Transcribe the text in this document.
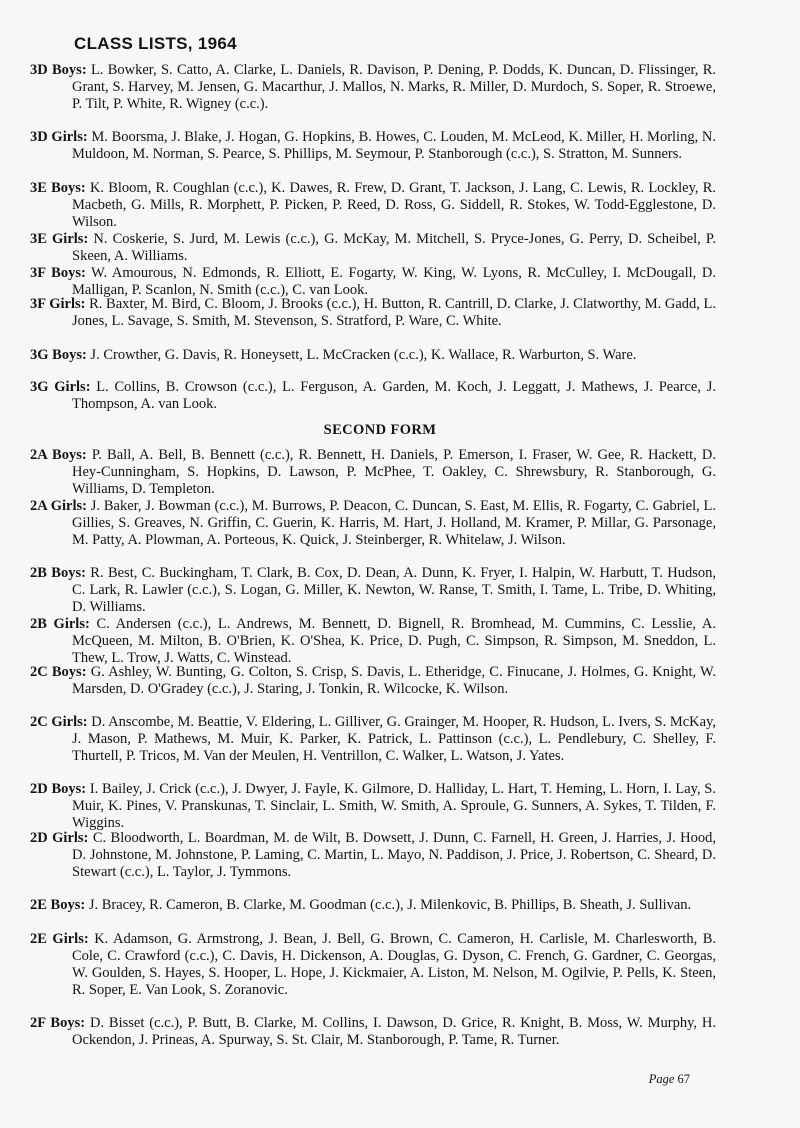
CLASS LISTS, 1964
3D Boys: L. Bowker, S. Catto, A. Clarke, L. Daniels, R. Davison, P. Dening, P. Dodds, K. Duncan, D. Flissinger, R. Grant, S. Harvey, M. Jensen, G. Macarthur, J. Mallos, N. Marks, R. Miller, D. Murdoch, S. Soper, R. Stroewe, P. Tilt, P. White, R. Wigney (c.c.).
3D Girls: M. Boorsma, J. Blake, J. Hogan, G. Hopkins, B. Howes, C. Louden, M. McLeod, K. Miller, H. Morling, N. Muldoon, M. Norman, S. Pearce, S. Phillips, M. Seymour, P. Stanborough (c.c.), S. Stratton, M. Sunners.
3E Boys: K. Bloom, R. Coughlan (c.c.), K. Dawes, R. Frew, D. Grant, T. Jackson, J. Lang, C. Lewis, R. Lockley, R. Macbeth, G. Mills, R. Morphett, P. Picken, P. Reed, D. Ross, G. Siddell, R. Stokes, W. Todd-Egglestone, D. Wilson.
3E Girls: N. Coskerie, S. Jurd, M. Lewis (c.c.), G. McKay, M. Mitchell, S. Pryce-Jones, G. Perry, D. Scheibel, P. Skeen, A. Williams.
3F Boys: W. Amourous, N. Edmonds, R. Elliott, E. Fogarty, W. King, W. Lyons, R. McCulley, I. McDougall, D. Malligan, P. Scanlon, N. Smith (c.c.), C. van Look.
3F Girls: R. Baxter, M. Bird, C. Bloom, J. Brooks (c.c.), H. Button, R. Cantrill, D. Clarke, J. Clatworthy, M. Gadd, L. Jones, L. Savage, S. Smith, M. Stevenson, S. Stratford, P. Ware, C. White.
3G Boys: J. Crowther, G. Davis, R. Honeysett, L. McCracken (c.c.), K. Wallace, R. Warburton, S. Ware.
3G Girls: L. Collins, B. Crowson (c.c.), L. Ferguson, A. Garden, M. Koch, J. Leggatt, J. Mathews, J. Pearce, J. Thompson, A. van Look.
SECOND FORM
2A Boys: P. Ball, A. Bell, B. Bennett (c.c.), R. Bennett, H. Daniels, P. Emerson, I. Fraser, W. Gee, R. Hackett, D. Hey-Cunningham, S. Hopkins, D. Lawson, P. McPhee, T. Oakley, C. Shrewsbury, R. Stanborough, G. Williams, D. Templeton.
2A Girls: J. Baker, J. Bowman (c.c.), M. Burrows, P. Deacon, C. Duncan, S. East, M. Ellis, R. Fogarty, C. Gabriel, L. Gillies, S. Greaves, N. Griffin, C. Guerin, K. Harris, M. Hart, J. Holland, M. Kramer, P. Millar, G. Parsonage, M. Patty, A. Plowman, A. Porteous, K. Quick, J. Steinberger, R. Whitelaw, J. Wilson.
2B Boys: R. Best, C. Buckingham, T. Clark, B. Cox, D. Dean, A. Dunn, K. Fryer, I. Halpin, W. Harbutt, T. Hudson, C. Lark, R. Lawler (c.c.), S. Logan, G. Miller, K. Newton, W. Ranse, T. Smith, I. Tame, L. Tribe, D. Whiting, D. Williams.
2B Girls: C. Andersen (c.c.), L. Andrews, M. Bennett, D. Bignell, R. Bromhead, M. Cummins, C. Lesslie, A. McQueen, M. Milton, B. O'Brien, K. O'Shea, K. Price, D. Pugh, C. Simpson, R. Simpson, M. Sneddon, L. Thew, L. Trow, J. Watts, C. Winstead.
2C Boys: G. Ashley, W. Bunting, G. Colton, S. Crisp, S. Davis, L. Etheridge, C. Finucane, J. Holmes, G. Knight, W. Marsden, D. O'Gradey (c.c.), J. Staring, J. Tonkin, R. Wilcocke, K. Wilson.
2C Girls: D. Anscombe, M. Beattie, V. Eldering, L. Gilliver, G. Grainger, M. Hooper, R. Hudson, L. Ivers, S. McKay, J. Mason, P. Mathews, M. Muir, K. Parker, K. Patrick, L. Pattinson (c.c.), L. Pendlebury, C. Shelley, F. Thurtell, P. Tricos, M. Van der Meulen, H. Ventrillon, C. Walker, L. Watson, J. Yates.
2D Boys: I. Bailey, J. Crick (c.c.), J. Dwyer, J. Fayle, K. Gilmore, D. Halliday, L. Hart, T. Heming, L. Horn, I. Lay, S. Muir, K. Pines, V. Pranskunas, T. Sinclair, L. Smith, W. Smith, A. Sproule, G. Sunners, A. Sykes, T. Tilden, F. Wiggins.
2D Girls: C. Bloodworth, L. Boardman, M. de Wilt, B. Dowsett, J. Dunn, C. Farnell, H. Green, J. Harries, J. Hood, D. Johnstone, M. Johnstone, P. Laming, C. Martin, L. Mayo, N. Paddison, J. Price, J. Robertson, C. Sheard, D. Stewart (c.c.), L. Taylor, J. Tymmons.
2E Boys: J. Bracey, R. Cameron, B. Clarke, M. Goodman (c.c.), J. Milenkovic, B. Phillips, B. Sheath, J. Sullivan.
2E Girls: K. Adamson, G. Armstrong, J. Bean, J. Bell, G. Brown, C. Cameron, H. Carlisle, M. Charlesworth, B. Cole, C. Crawford (c.c.), C. Davis, H. Dickenson, A. Douglas, G. Dyson, C. French, G. Gardner, C. Georgas, W. Goulden, S. Hayes, S. Hooper, L. Hope, J. Kickmaier, A. Liston, M. Nelson, M. Ogilvie, P. Pells, K. Steen, R. Soper, E. Van Look, S. Zoranovic.
2F Boys: D. Bisset (c.c.), P. Butt, B. Clarke, M. Collins, I. Dawson, D. Grice, R. Knight, B. Moss, W. Murphy, H. Ockendon, J. Prineas, A. Spurway, S. St. Clair, M. Stanborough, P. Tame, R. Turner.
Page 67
